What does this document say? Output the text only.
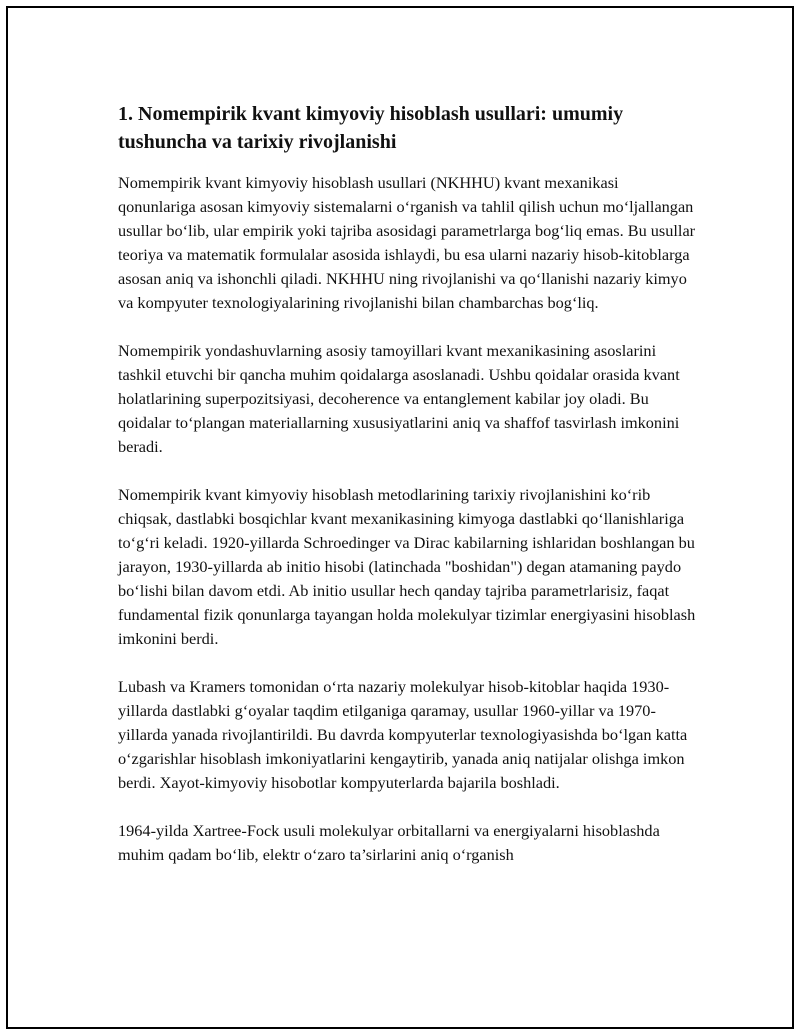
1. Nomempirik kvant kimyoviy hisoblash usullari: umumiy tushuncha va tarixiy rivojlanishi

Nomempirik kvant kimyoviy hisoblash usullari (NKHHU) kvant mexanikasi qonunlariga asosan kimyoviy sistemalarni o‘rganish va tahlil qilish uchun mo‘ljallangan usullar bo‘lib, ular empirik yoki tajriba asosidagi parametrlarga bog‘liq emas. Bu usullar teoriya va matematik formulalar asosida ishlaydi, bu esa ularni nazariy hisob-kitoblarga asosan aniq va ishonchli qiladi. NKHHU ning rivojlanishi va qo‘llanishi nazariy kimyo va kompyuter texnologiyalarining rivojlanishi bilan chambarchas bog‘liq.

Nomempirik yondashuvlarning asosiy tamoyillari kvant mexanikasining asoslarini tashkil etuvchi bir qancha muhim qoidalarga asoslanadi. Ushbu qoidalar orasida kvant holatlarining superpozitsiyasi, decoherence va entanglement kabilar joy oladi. Bu qoidalar to‘plangan materiallarning xususiyatlarini aniq va shaffof tasvirlash imkonini beradi.

Nomempirik kvant kimyoviy hisoblash metodlarining tarixiy rivojlanishini ko‘rib chiqsak, dastlabki bosqichlar kvant mexanikasining kimyoga dastlabki qo‘llanishlariga to‘g‘ri keladi. 1920-yillarda Schroedinger va Dirac kabilarning ishlaridan boshlangan bu jarayon, 1930-yillarda ab initio hisobi (latinchada "boshidan") degan atamaning paydo bo‘lishi bilan davom etdi. Ab initio usullar hech qanday tajriba parametrlarisiz, faqat fundamental fizik qonunlarga tayangan holda molekulyar tizimlar energiyasini hisoblash imkonini berdi.

Lubash va Kramers tomonidan o‘rta nazariy molekulyar hisob-kitoblar haqida 1930-yillarda dastlabki g‘oyalar taqdim etilganiga qaramay, usullar 1960-yillar va 1970-yillarda yanada rivojlantirildi. Bu davrda kompyuterlar texnologiyasishda bo‘lgan katta o‘zgarishlar hisoblash imkoniyatlarini kengaytirib, yanada aniq natijalar olishga imkon berdi. Xayot-kimyoviy hisobotlar kompyuterlarda bajarila boshladi.

1964-yilda Xartree-Fock usuli molekulyar orbitallarni va energiyalarni hisoblashda muhim qadam bo‘lib, elektr o‘zaro ta’sirlarini aniq o‘rganish
